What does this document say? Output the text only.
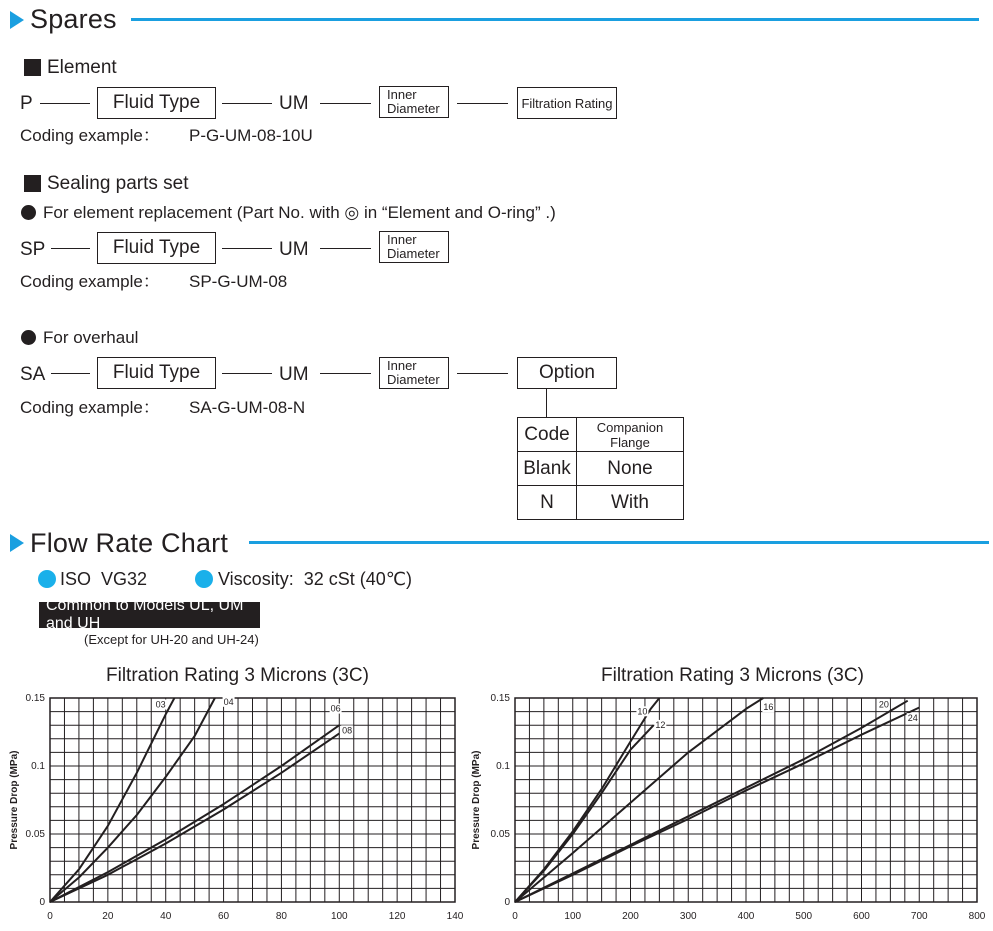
Spares
Element
P	Fluid Type	UM	Inner
Diameter	Filtration Rating
Coding example： P-G-UM-08-10U
Sealing parts set
For element replacement (Part No. with ◎ in “Element and O-ring” .)
SP	Fluid Type	UM	Inner
Diameter
Coding example： SP-G-UM-08
For overhaul
SA	Fluid Type	UM	Inner
Diameter	Option
Coding example： SA-G-UM-08-N
Code	Companion Flange
Blank	None
N	With
Flow Rate Chart
ISO  VG32	Viscosity:  32 cSt (40℃)
Common to Models UL, UM and UH
(Except for UH-20 and UH-24)
Filtration Rating 3 Microns (3C)
Pressure Drop (MPa)
0	20	40	60	80	100	120	140
0
0.05
0.1
0.15
03	04
06
08
Filtration Rating 3 Microns (3C)
Pressure Drop (MPa)
0	100	200	300	400	500	600	700	800
0
0.05
0.1
0.15
10
12
16	20
24
